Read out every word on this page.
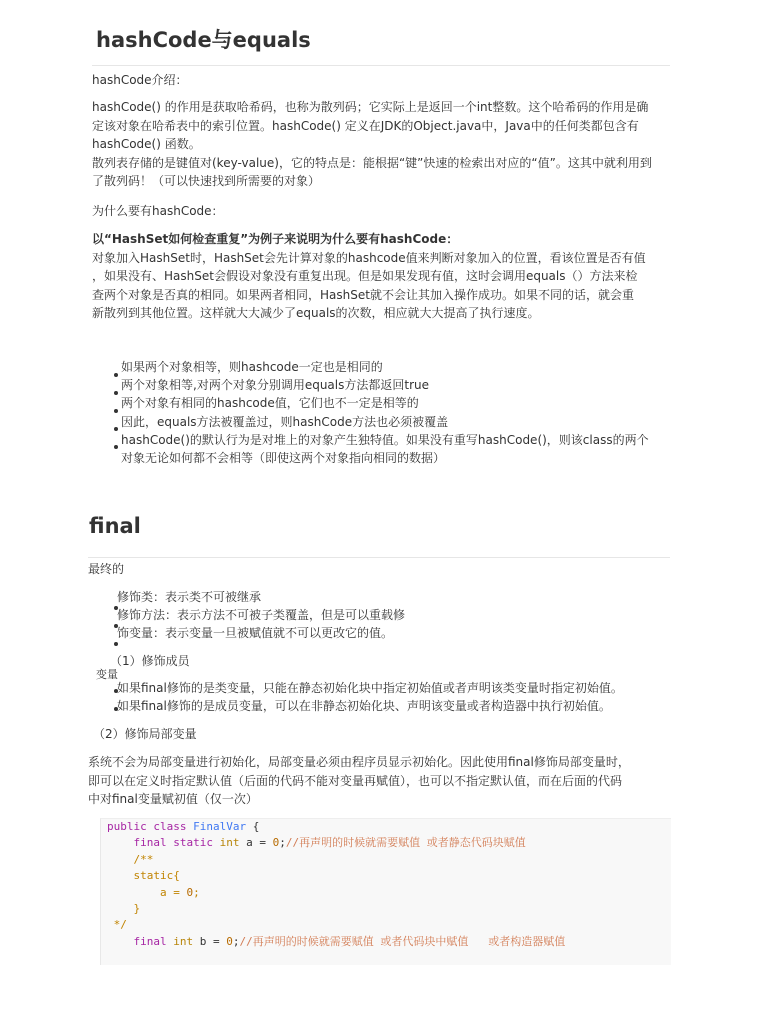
hashCode与equals

hashCode介绍：

hashCode() 的作用是获取哈希码，也称为散列码；它实际上是返回一个int整数。这个哈希码的作用是确

定该对象在哈希表中的索引位置。hashCode() 定义在JDK的Object.java中，Java中的任何类都包含有

hashCode() 函数。

散列表存储的是键值对(key-value)，它的特点是：能根据“键”快速的检索出对应的“值”。这其中就利用到

了散列码！（可以快速找到所需要的对象）

为什么要有hashCode：

以“HashSet如何检查重复”为例子来说明为什么要有hashCode：

对象加入HashSet时，HashSet会先计算对象的hashcode值来判断对象加入的位置，看该位置是否有值

，如果没有、HashSet会假设对象没有重复出现。但是如果发现有值，这时会调用equals（）方法来检

查两个对象是否真的相同。如果两者相同，HashSet就不会让其加入操作成功。如果不同的话，就会重

新散列到其他位置。这样就大大减少了equals的次数，相应就大大提高了执行速度。

如果两个对象相等，则hashcode一定也是相同的
两个对象相等,对两个对象分别调用equals方法都返回true
两个对象有相同的hashcode值，它们也不一定是相等的
因此，equals方法被覆盖过，则hashCode方法也必须被覆盖
hashCode()的默认行为是对堆上的对象产生独特值。如果没有重写hashCode()，则该class的两个
对象无论如何都不会相等（即使这两个对象指向相同的数据）
final

最终的

修饰类：表示类不可被继承
修饰方法：表示方法不可被子类覆盖，但是可以重载修
饰变量：表示变量一旦被赋值就不可以更改它的值。

（1）修饰成员

变量

如果final修饰的是类变量，只能在静态初始化块中指定初始值或者声明该类变量时指定初始值。
如果final修饰的是成员变量，可以在非静态初始化块、声明该变量或者构造器中执行初始值。

（2）修饰局部变量

系统不会为局部变量进行初始化，局部变量必须由程序员显示初始化。因此使用final修饰局部变量时，

即可以在定义时指定默认值（后面的代码不能对变量再赋值），也可以不指定默认值，而在后面的代码

中对final变量赋初值（仅一次）

public class FinalVar {
final static int a = 0;//再声明的时候就需要赋值 或者静态代码块赋值
/**
static{
a = 0;
}
*/
final int b = 0;//再声明的时候就需要赋值 或者代码块中赋值   或者构造器赋值
